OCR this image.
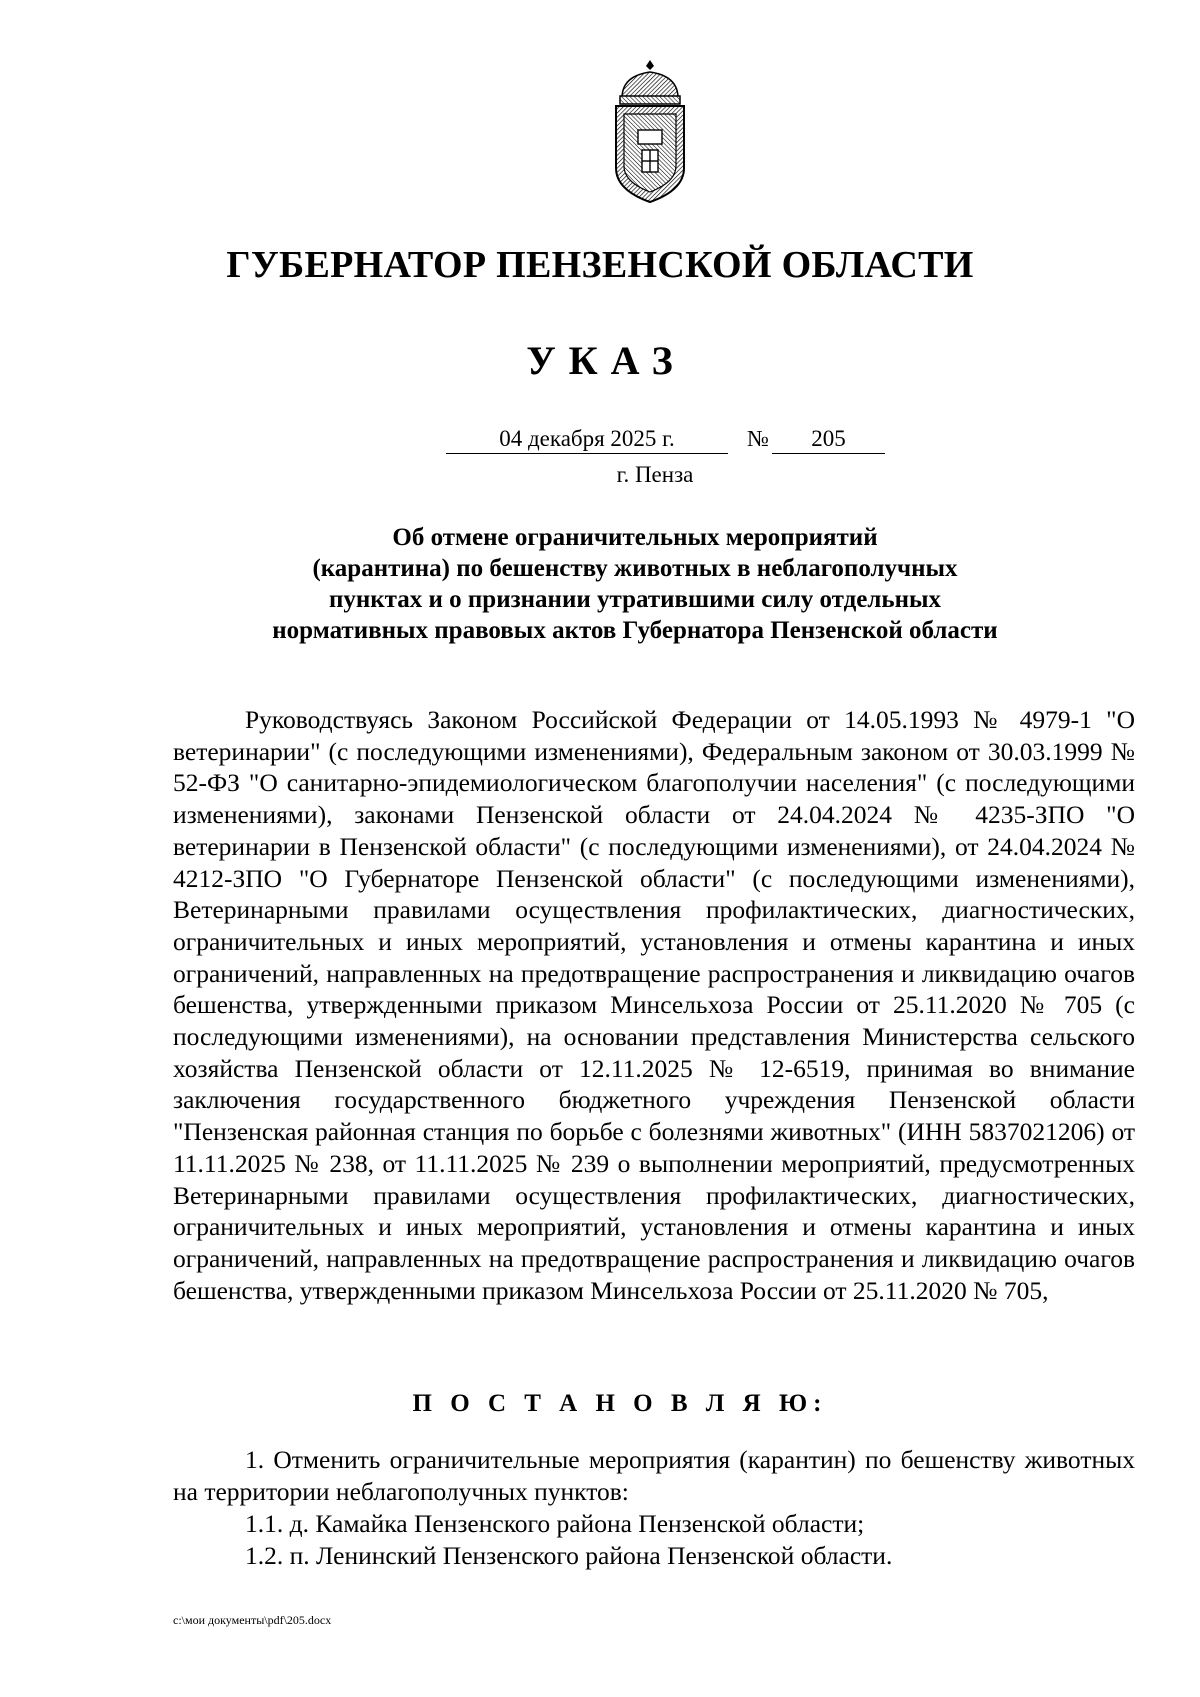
ГУБЕРНАТОР ПЕНЗЕНСКОЙ ОБЛАСТИ
УКАЗ
04 декабря 2025 г.	№	205
г. Пенза
Об отмене ограничительных мероприятий
(карантина) по бешенству животных в неблагополучных
пунктах и о признании утратившими силу отдельных
нормативных правовых актов Губернатора Пензенской области

Руководствуясь Законом Российской Федерации от 14.05.1993 № 4979-1 "О ветеринарии" (с последующими изменениями), Федеральным законом от 30.03.1999 № 52-ФЗ "О санитарно-эпидемиологическом благополучии населения" (с последующими изменениями), законами Пензенской области от 24.04.2024 № 4235-ЗПО "О ветеринарии в Пензенской области" (с последующими изменениями), от 24.04.2024 № 4212-ЗПО "О Губернаторе Пензенской области" (с последующими изменениями), Ветеринарными правилами осуществления профилактических, диагностических, ограничительных и иных мероприятий, установления и отмены карантина и иных ограничений, направленных на предотвращение распространения и ликвидацию очагов бешенства, утвержденными приказом Минсельхоза России от 25.11.2020 № 705 (с последующими изменениями), на основании представления Министерства сельского хозяйства Пензенской области от 12.11.2025 № 12-6519, принимая во внимание заключения государственного бюджетного учреждения Пензенской области "Пензенская районная станция по борьбе с болезнями животных" (ИНН 5837021206) от 11.11.2025 № 238, от 11.11.2025 № 239 о выполнении мероприятий, предусмотренных Ветеринарными правилами осуществления профилактических, диагностических, ограничительных и иных мероприятий, установления и отмены карантина и иных ограничений, направленных на предотвращение распространения и ликвидацию очагов бешенства, утвержденными приказом Минсельхоза России от 25.11.2020 № 705,

П О С Т А Н О В Л Я Ю:

1. Отменить ограничительные мероприятия (карантин) по бешенству животных на территории неблагополучных пунктов:

1.1. д. Камайка Пензенского района Пензенской области;

1.2. п. Ленинский Пензенского района Пензенской области.

c:\мои документы\pdf\205.docx
